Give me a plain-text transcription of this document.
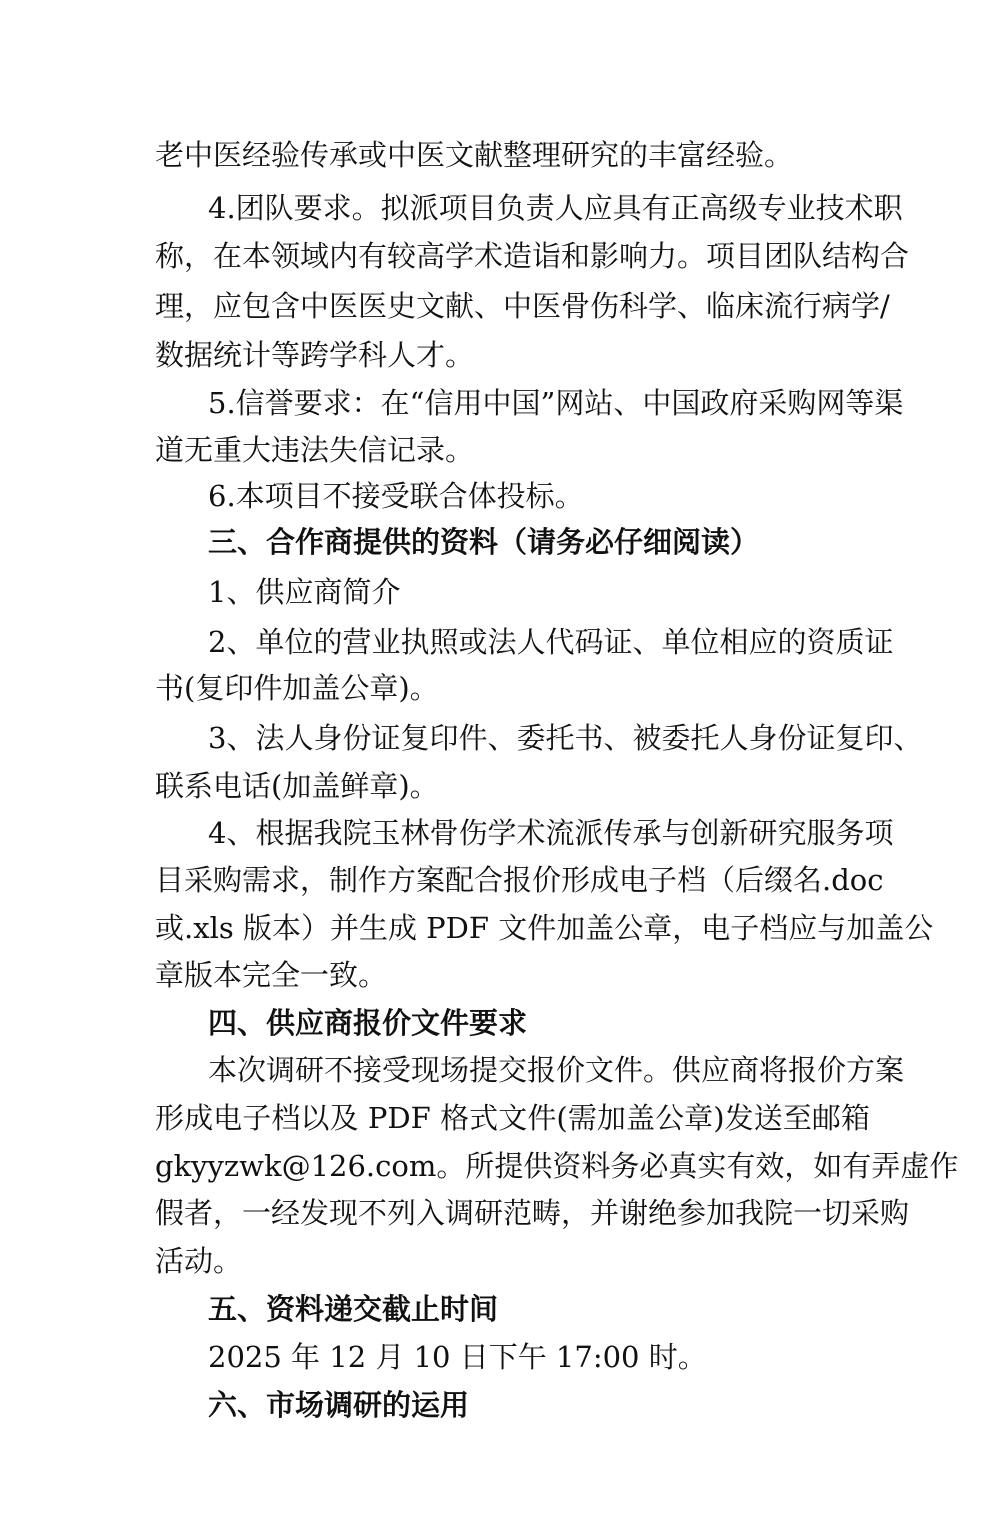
老中医经验传承或中医文献整理研究的丰富经验。
4.团队要求。拟派项目负责人应具有正高级专业技术职
称，在本领域内有较高学术造诣和影响力。项目团队结构合
理，应包含中医医史文献、中医骨伤科学、临床流行病学/
数据统计等跨学科人才。
5.信誉要求：在“信用中国”网站、中国政府采购网等渠
道无重大违法失信记录。
6.本项目不接受联合体投标。
三、合作商提供的资料（请务必仔细阅读）
1、供应商简介
2、单位的营业执照或法人代码证、单位相应的资质证
书(复印件加盖公章)。
3、法人身份证复印件、委托书、被委托人身份证复印、
联系电话(加盖鲜章)。
4、根据我院玉林骨伤学术流派传承与创新研究服务项
目采购需求，制作方案配合报价形成电子档（后缀名.doc
或.xls 版本）并生成 PDF 文件加盖公章，电子档应与加盖公
章版本完全一致。
四、供应商报价文件要求
本次调研不接受现场提交报价文件。供应商将报价方案
形成电子档以及 PDF 格式文件(需加盖公章)发送至邮箱
gkyyzwk@126.com。所提供资料务必真实有效，如有弄虚作
假者，一经发现不列入调研范畴，并谢绝参加我院一切采购
活动。
五、资料递交截止时间
2025 年 12 月 10 日下午 17:00 时。
六、市场调研的运用
